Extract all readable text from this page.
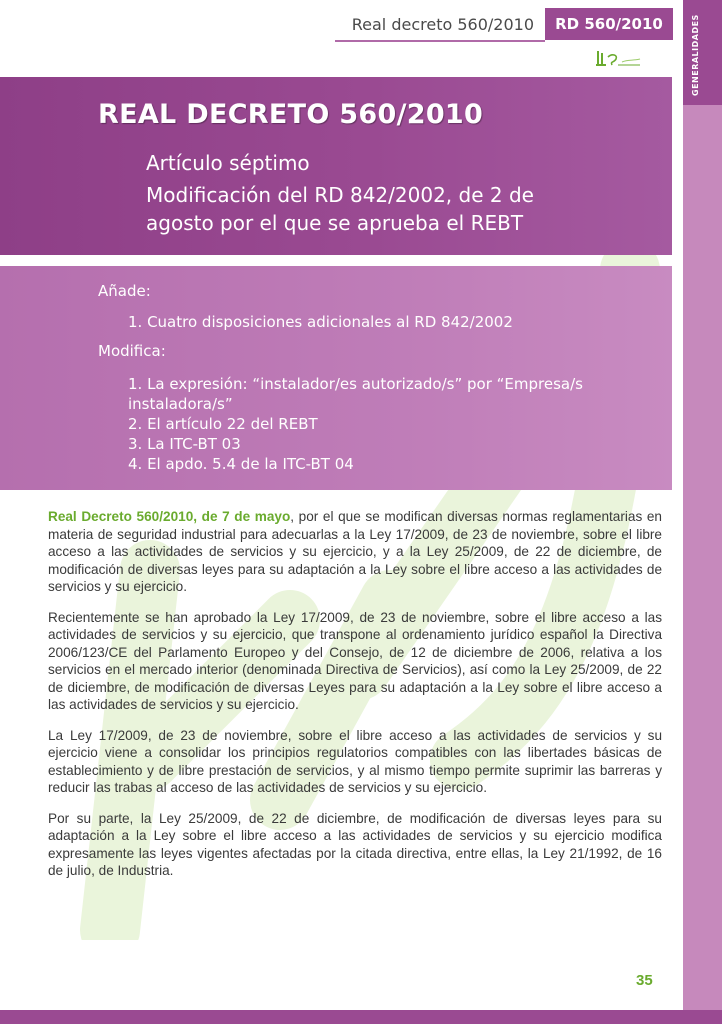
Real decreto 560/2010	RD 560/2010	GENERALIDADES
REAL DECRETO 560/2010
Artículo séptimo
Modificación del RD 842/2002, de 2 de
agosto por el que se aprueba el REBT
Añade:
1. Cuatro disposiciones adicionales al RD 842/2002
Modifica:
1. La expresión: “instalador/es autorizado/s” por “Empresa/s instaladora/s”
2. El artículo 22 del REBT
3. La ITC-BT 03
4. El apdo. 5.4 de la ITC-BT 04

Real Decreto 560/2010, de 7 de mayo, por el que se modifican diversas normas reglamentarias en materia de seguridad industrial para adecuarlas a la Ley 17/2009, de 23 de noviembre, sobre el libre acceso a las actividades de servicios y su ejercicio, y a la Ley 25/2009, de 22 de diciembre, de modificación de diversas leyes para su adaptación a la Ley sobre el libre acceso a las actividades de servicios y su ejercicio.

Recientemente se han aprobado la Ley 17/2009, de 23 de noviembre, sobre el libre acceso a las actividades de servicios y su ejercicio, que transpone al ordenamiento jurídico español la Directiva 2006/123/CE del Parlamento Europeo y del Consejo, de 12 de diciembre de 2006, relativa a los servicios en el mercado interior (denominada Directiva de Servicios), así como la Ley 25/2009, de 22 de diciembre, de modificación de diversas Leyes para su adaptación a la Ley sobre el libre acceso a las actividades de servicios y su ejercicio.

La Ley 17/2009, de 23 de noviembre, sobre el libre acceso a las actividades de servicios y su ejercicio viene a consolidar los principios regulatorios compatibles con las libertades básicas de establecimiento y de libre prestación de servicios, y al mismo tiempo permite suprimir las barreras y reducir las trabas al acceso de las actividades de servicios y su ejercicio.

Por su parte, la Ley 25/2009, de 22 de diciembre, de modificación de diversas leyes para su adaptación a la Ley sobre el libre acceso a las actividades de servicios y su ejercicio modifica expresamente las leyes vigentes afectadas por la citada directiva, entre ellas, la Ley 21/1992, de 16 de julio, de Industria.

35
